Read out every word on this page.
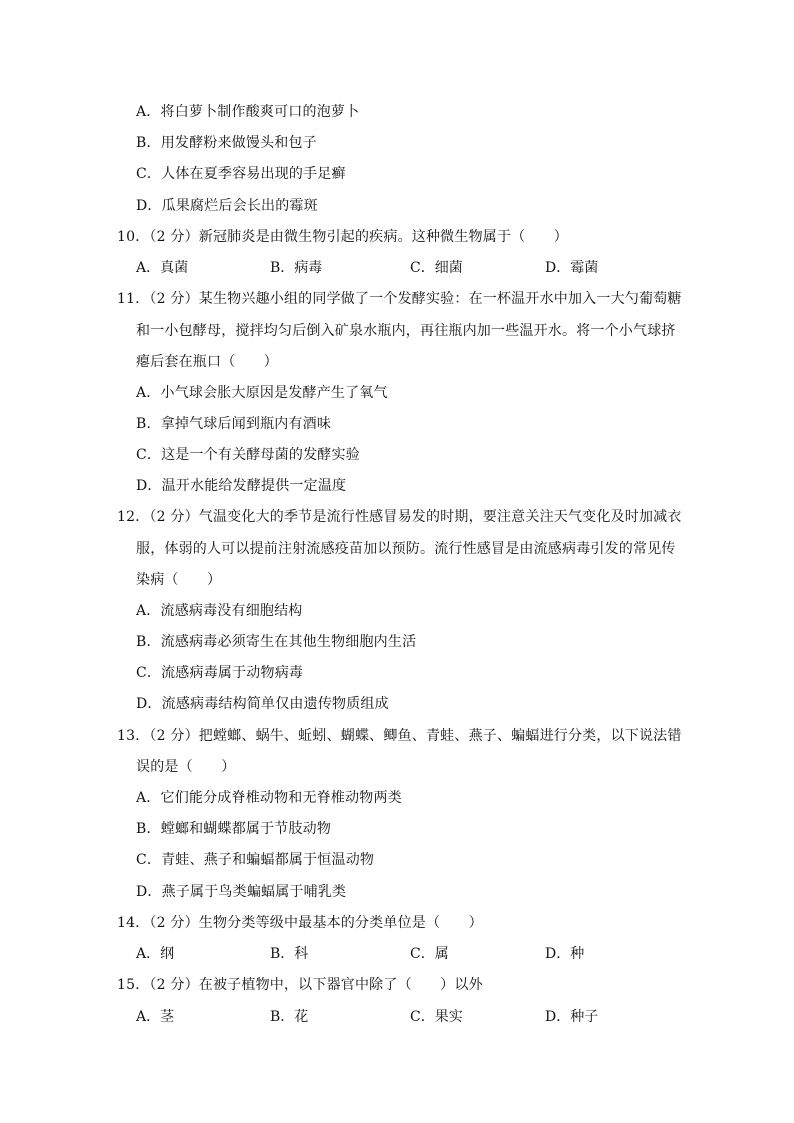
A．将白萝卜制作酸爽可口的泡萝卜
B．用发酵粉来做馒头和包子
C．人体在夏季容易出现的手足癣
D．瓜果腐烂后会长出的霉斑
10．（2 分）新冠肺炎是由微生物引起的疾病。这种微生物属于（　　）
A．真菌	B．病毒	C．细菌	D．霉菌
11．（2 分）某生物兴趣小组的同学做了一个发酵实验：在一杯温开水中加入一大勺葡萄糖
和一小包酵母，搅拌均匀后倒入矿泉水瓶内，再往瓶内加一些温开水。将一个小气球挤
瘪后套在瓶口（　　）
A．小气球会胀大原因是发酵产生了氧气
B．拿掉气球后闻到瓶内有酒味
C．这是一个有关酵母菌的发酵实验
D．温开水能给发酵提供一定温度
12．（2 分）气温变化大的季节是流行性感冒易发的时期，要注意关注天气变化及时加减衣
服，体弱的人可以提前注射流感疫苗加以预防。流行性感冒是由流感病毒引发的常见传
染病（　　）
A．流感病毒没有细胞结构
B．流感病毒必须寄生在其他生物细胞内生活
C．流感病毒属于动物病毒
D．流感病毒结构简单仅由遗传物质组成
13．（2 分）把螳螂、蜗牛、蚯蚓、蝴蝶、鲫鱼、青蛙、燕子、蝙蝠进行分类，以下说法错
误的是（　　）
A．它们能分成脊椎动物和无脊椎动物两类
B．螳螂和蝴蝶都属于节肢动物
C．青蛙、燕子和蝙蝠都属于恒温动物
D．燕子属于鸟类蝙蝠属于哺乳类
14．（2 分）生物分类等级中最基本的分类单位是（　　）
A．纲	B．科	C．属	D．种
15．（2 分）在被子植物中，以下器官中除了（　　）以外
A．茎	B．花	C．果实	D．种子
